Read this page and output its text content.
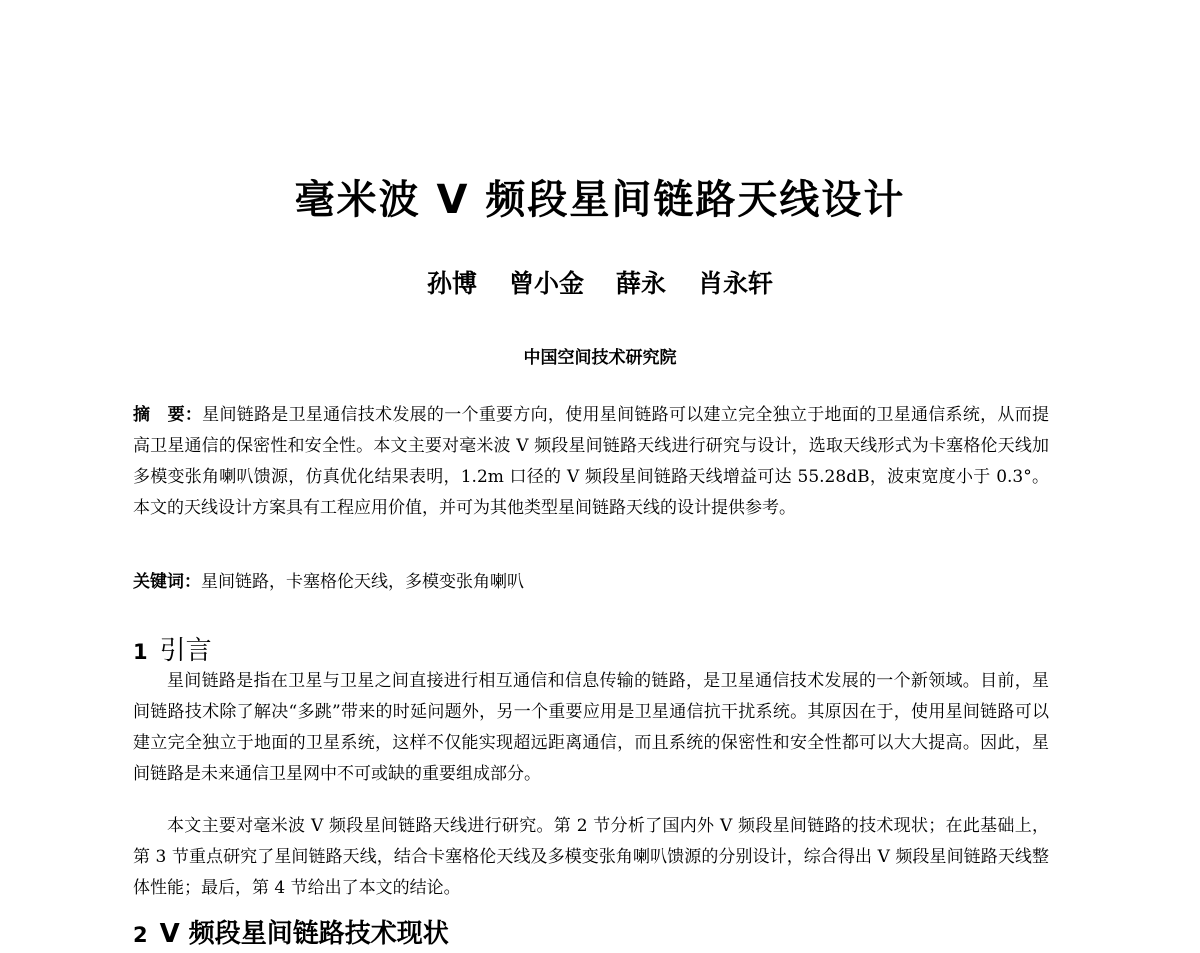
毫米波 V 频段星间链路天线设计
孙博 曾小金 薛永 肖永轩
中国空间技术研究院
摘　要：星间链路是卫星通信技术发展的一个重要方向，使用星间链路可以建立完全独立于地面的卫星通信系统，从而提高卫星通信的保密性和安全性。本文主要对毫米波 V 频段星间链路天线进行研究与设计，选取天线形式为卡塞格伦天线加多模变张角喇叭馈源，仿真优化结果表明，1.2m 口径的 V 频段星间链路天线增益可达 55.28dB，波束宽度小于 0.3°。本文的天线设计方案具有工程应用价值，并可为其他类型星间链路天线的设计提供参考。
关键词：星间链路，卡塞格伦天线，多模变张角喇叭
1 引言
星间链路是指在卫星与卫星之间直接进行相互通信和信息传输的链路，是卫星通信技术发展的一个新领域。目前，星间链路技术除了解决“多跳”带来的时延问题外，另一个重要应用是卫星通信抗干扰系统。其原因在于，使用星间链路可以建立完全独立于地面的卫星系统，这样不仅能实现超远距离通信，而且系统的保密性和安全性都可以大大提高。因此，星间链路是未来通信卫星网中不可或缺的重要组成部分。
本文主要对毫米波 V 频段星间链路天线进行研究。第 2 节分析了国内外 V 频段星间链路的技术现状；在此基础上，第 3 节重点研究了星间链路天线，结合卡塞格伦天线及多模变张角喇叭馈源的分别设计，综合得出 V 频段星间链路天线整体性能；最后，第 4 节给出了本文的结论。
2 V 频段星间链路技术现状
